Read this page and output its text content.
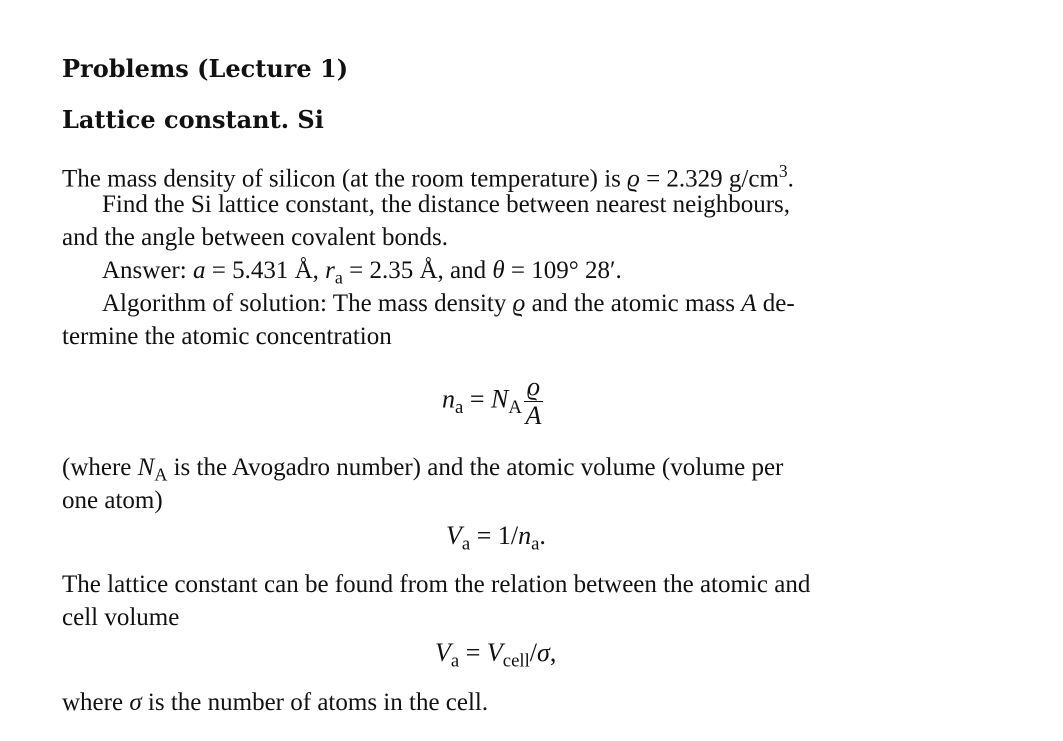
Problems (Lecture 1)
Lattice constant. Si
The mass density of silicon (at the room temperature) is ϱ = 2.329 $g/cm^3$.
Find the Si lattice constant, the distance between nearest neighbours,
and the angle between covalent bonds.
Answer: a = 5.431 Å, $r_a = 2.35$ Å, and θ = 109° 28′.
Algorithm of solution: The mass density ϱ and the atomic mass A de-
termine the atomic concentration
$n_a = N_A \frac{ϱ}{A}$
(where $N_A$ is the Avogadro number) and the atomic volume (volume per
one atom)
$V_a = 1/n_a$.
The lattice constant can be found from the relation between the atomic and
cell volume
$V_a = V_{cell}/\sigma$,
where σ is the number of atoms in the cell.
